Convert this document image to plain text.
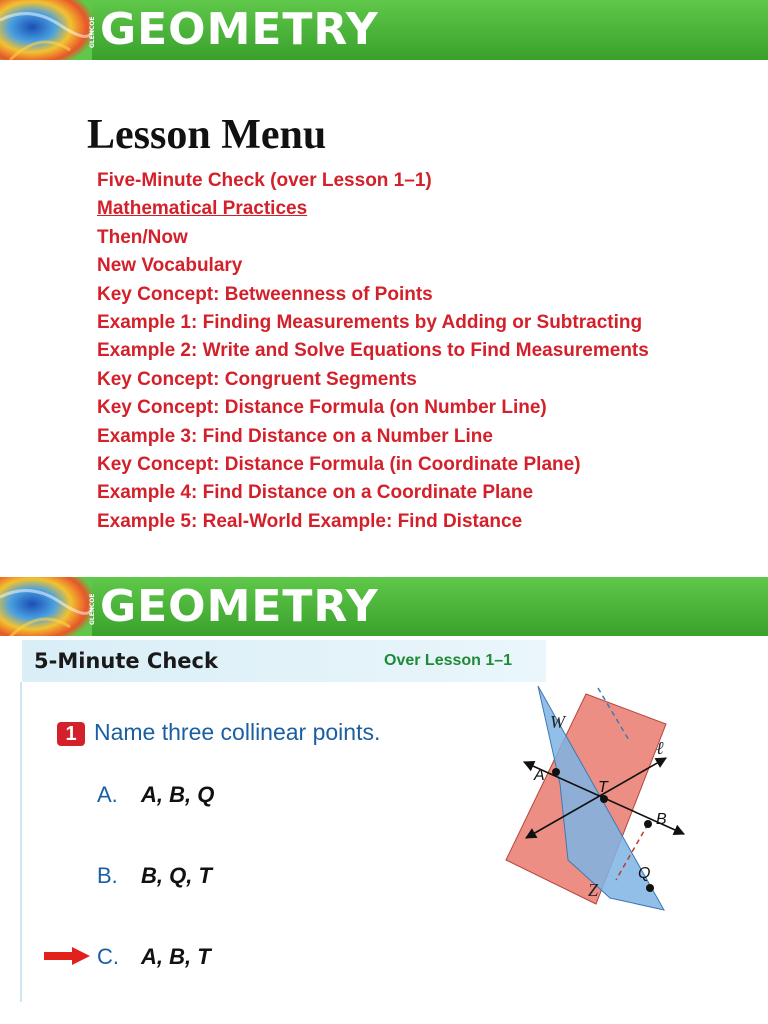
GLENCOE GEOMETRY
Lesson Menu
Five-Minute Check (over Lesson 1–1)
Mathematical Practices
Then/Now
New Vocabulary
Key Concept: Betweenness of Points
Example 1: Finding Measurements by Adding or Subtracting
Example 2: Write and Solve Equations to Find Measurements
Key Concept: Congruent Segments
Key Concept: Distance Formula (on Number Line)
Example 3: Find Distance on a Number Line
Key Concept: Distance Formula (in Coordinate Plane)
Example 4: Find Distance on a Coordinate Plane
Example 5: Real-World Example: Find Distance
GLENCOE GEOMETRY
5-Minute Check	Over Lesson 1–1
1 Name three collinear points.
A. A, B, Q
B. B, Q, T
C. A, B, T
W
Z
ℓ
A
T
B
Q
